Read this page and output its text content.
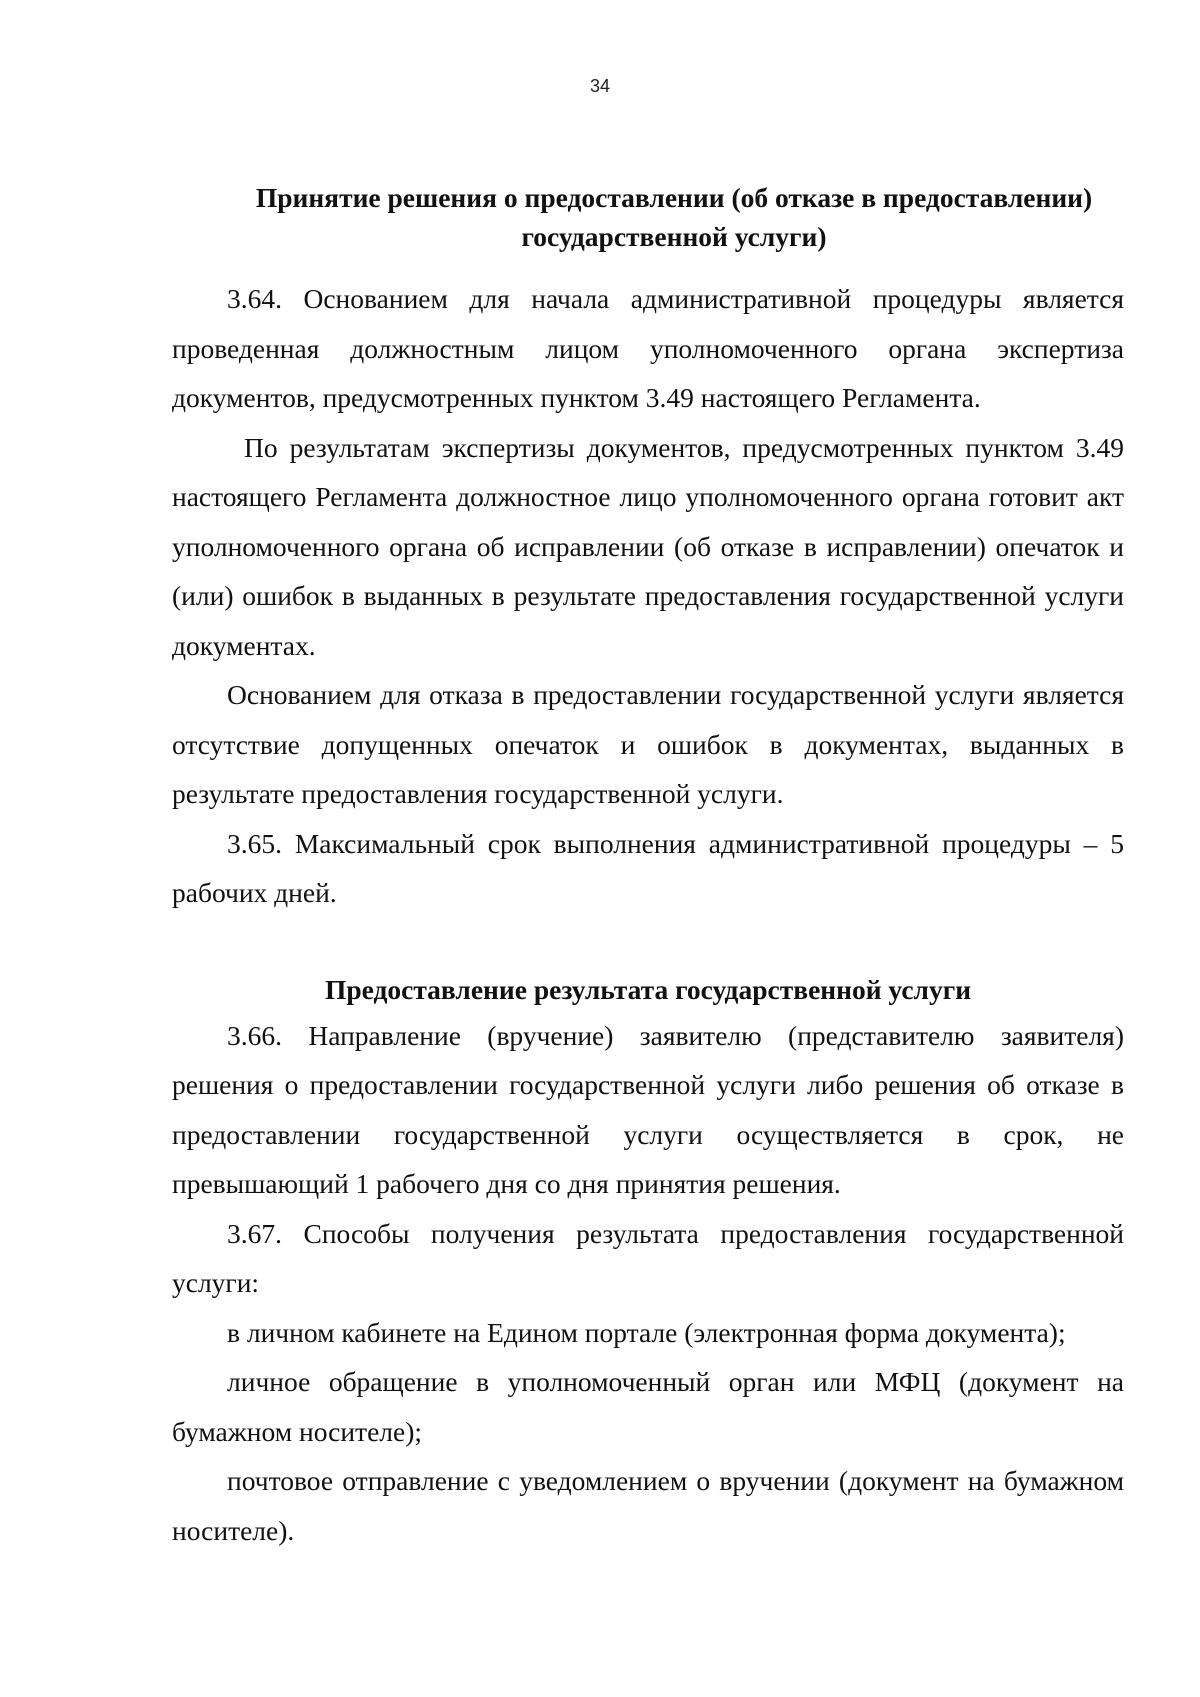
34
Принятие решения о предоставлении (об отказе в предоставлении)
государственной услуги)

3.64. Основанием для начала административной процедуры является проведенная должностным лицом уполномоченного органа экспертиза документов, предусмотренных пунктом 3.49 настоящего Регламента.

По результатам экспертизы документов, предусмотренных пунктом 3.49 настоящего Регламента должностное лицо уполномоченного органа готовит акт уполномоченного органа об исправлении (об отказе в исправлении) опечаток и (или) ошибок в выданных в результате предоставления государственной услуги документах.

Основанием для отказа в предоставлении государственной услуги является отсутствие допущенных опечаток и ошибок в документах, выданных в результате предоставления государственной услуги.

3.65. Максимальный срок выполнения административной процедуры – 5 рабочих дней.

Предоставление результата государственной услуги

3.66. Направление (вручение) заявителю (представителю заявителя) решения о предоставлении государственной услуги либо решения об отказе в предоставлении государственной услуги осуществляется в срок, не превышающий 1 рабочего дня со дня принятия решения.

3.67. Способы получения результата предоставления государственной услуги:

в личном кабинете на Едином портале (электронная форма документа);

личное обращение в уполномоченный орган или МФЦ (документ на бумажном носителе);

почтовое отправление с уведомлением о вручении (документ на бумажном носителе).
